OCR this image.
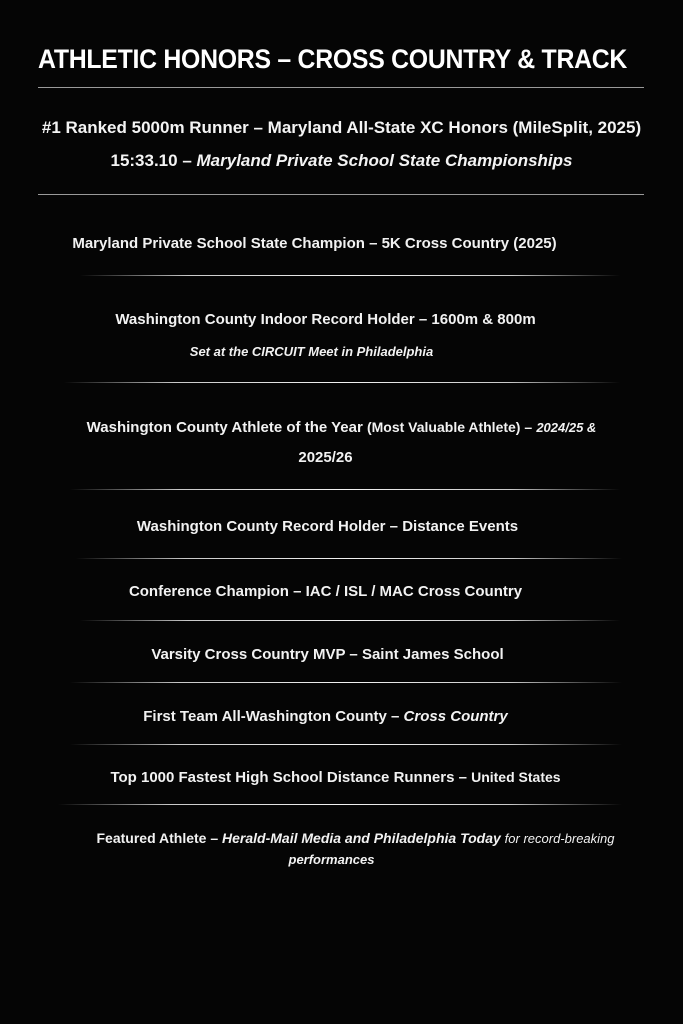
ATHLETIC HONORS – CROSS COUNTRY & TRACK
#1 Ranked 5000m Runner – Maryland All-State XC Honors (MileSplit, 2025)
15:33.10 – Maryland Private School State Championships
Maryland Private School State Champion – 5K Cross Country (2025)
Washington County Indoor Record Holder – 1600m & 800m
Set at the CIRCUIT Meet in Philadelphia
Washington County Athlete of the Year (Most Valuable Athlete) – 2024/25 &
2025/26
Washington County Record Holder – Distance Events
Conference Champion – IAC / ISL / MAC Cross Country
Varsity Cross Country MVP – Saint James School
First Team All-Washington County – Cross Country
Top 1000 Fastest High School Distance Runners – United States
Featured Athlete – Herald-Mail Media and Philadelphia Today for record-breaking
performances
